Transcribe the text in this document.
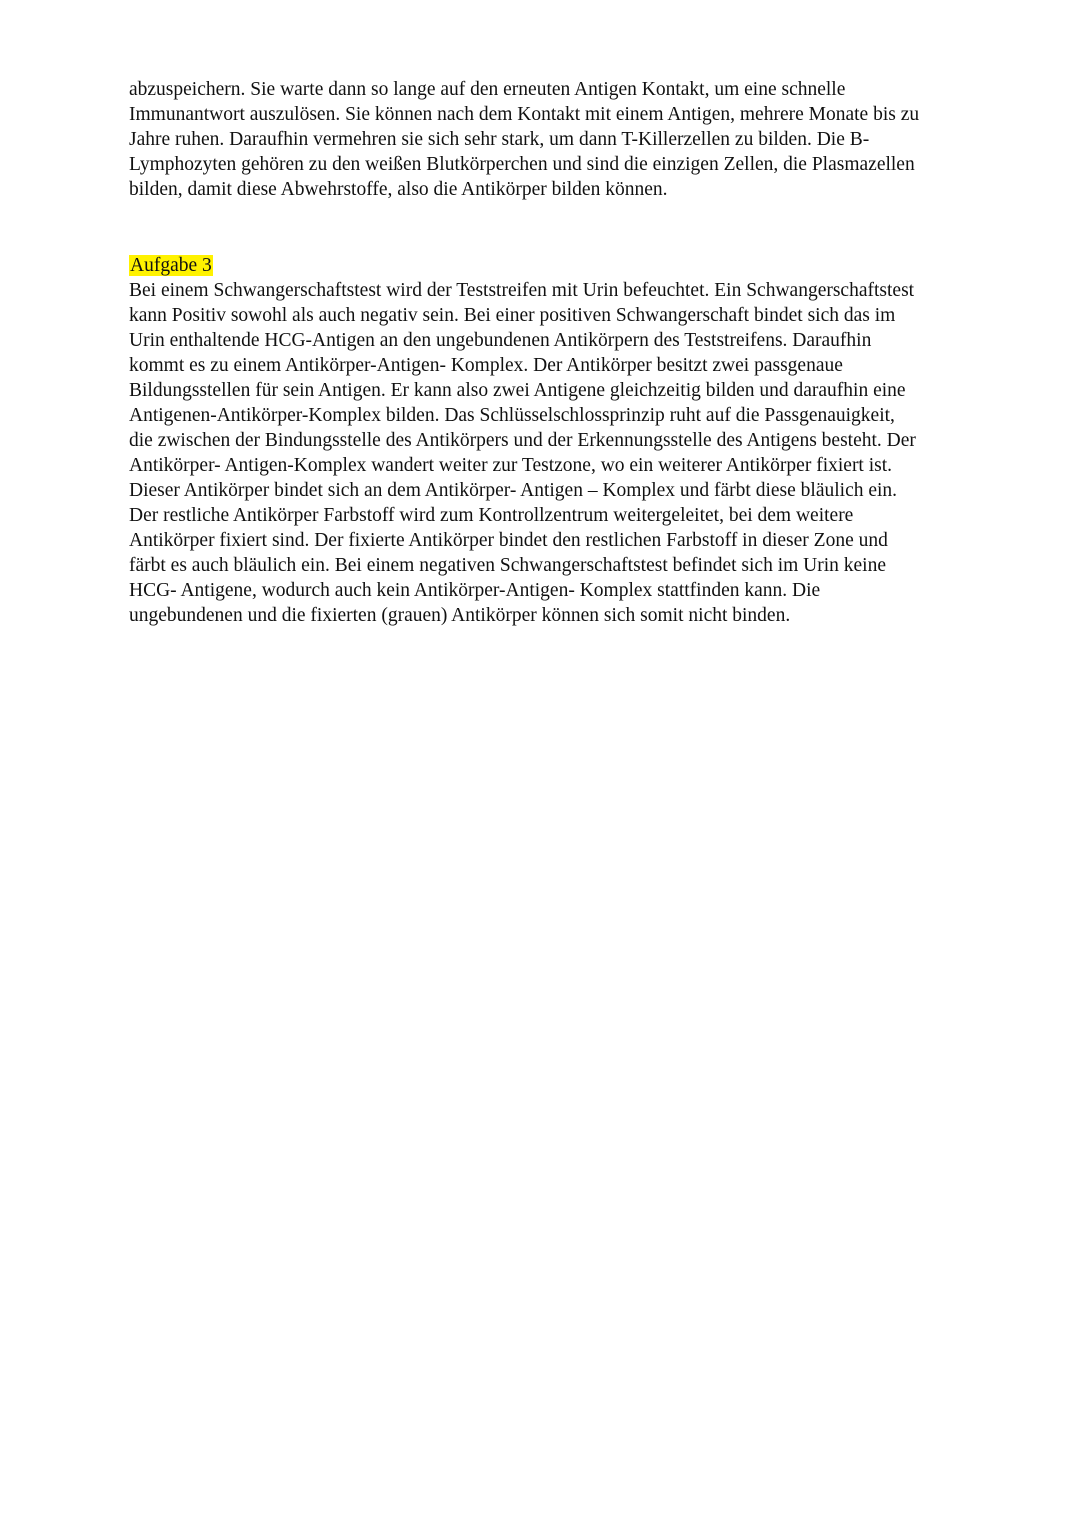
abzuspeichern. Sie warte dann so lange auf den erneuten Antigen Kontakt, um eine schnelle
Immunantwort auszulösen. Sie können nach dem Kontakt mit einem Antigen, mehrere Monate bis zu
Jahre ruhen. Daraufhin vermehren sie sich sehr stark, um dann T-Killerzellen zu bilden. Die B-
Lymphozyten gehören zu den weißen Blutkörperchen und sind die einzigen Zellen, die Plasmazellen
bilden, damit diese Abwehrstoffe, also die Antikörper bilden können.
Aufgabe 3
Bei einem Schwangerschaftstest wird der Teststreifen mit Urin befeuchtet. Ein Schwangerschaftstest
kann Positiv sowohl als auch negativ sein. Bei einer positiven Schwangerschaft bindet sich das im
Urin enthaltende HCG-Antigen an den ungebundenen Antikörpern des Teststreifens. Daraufhin
kommt es zu einem Antikörper-Antigen- Komplex. Der Antikörper besitzt zwei passgenaue
Bildungsstellen für sein Antigen. Er kann also zwei Antigene gleichzeitig bilden und daraufhin eine
Antigenen-Antikörper-Komplex bilden. Das Schlüsselschlossprinzip ruht auf die Passgenauigkeit,
die zwischen der Bindungsstelle des Antikörpers und der Erkennungsstelle des Antigens besteht. Der
Antikörper- Antigen-Komplex wandert weiter zur Testzone, wo ein weiterer Antikörper fixiert ist.
Dieser Antikörper bindet sich an dem Antikörper- Antigen – Komplex und färbt diese bläulich ein.
Der restliche Antikörper Farbstoff wird zum Kontrollzentrum weitergeleitet, bei dem weitere
Antikörper fixiert sind. Der fixierte Antikörper bindet den restlichen Farbstoff in dieser Zone und
färbt es auch bläulich ein. Bei einem negativen Schwangerschaftstest befindet sich im Urin keine
HCG- Antigene, wodurch auch kein Antikörper-Antigen- Komplex stattfinden kann. Die
ungebundenen und die fixierten (grauen) Antikörper können sich somit nicht binden.
